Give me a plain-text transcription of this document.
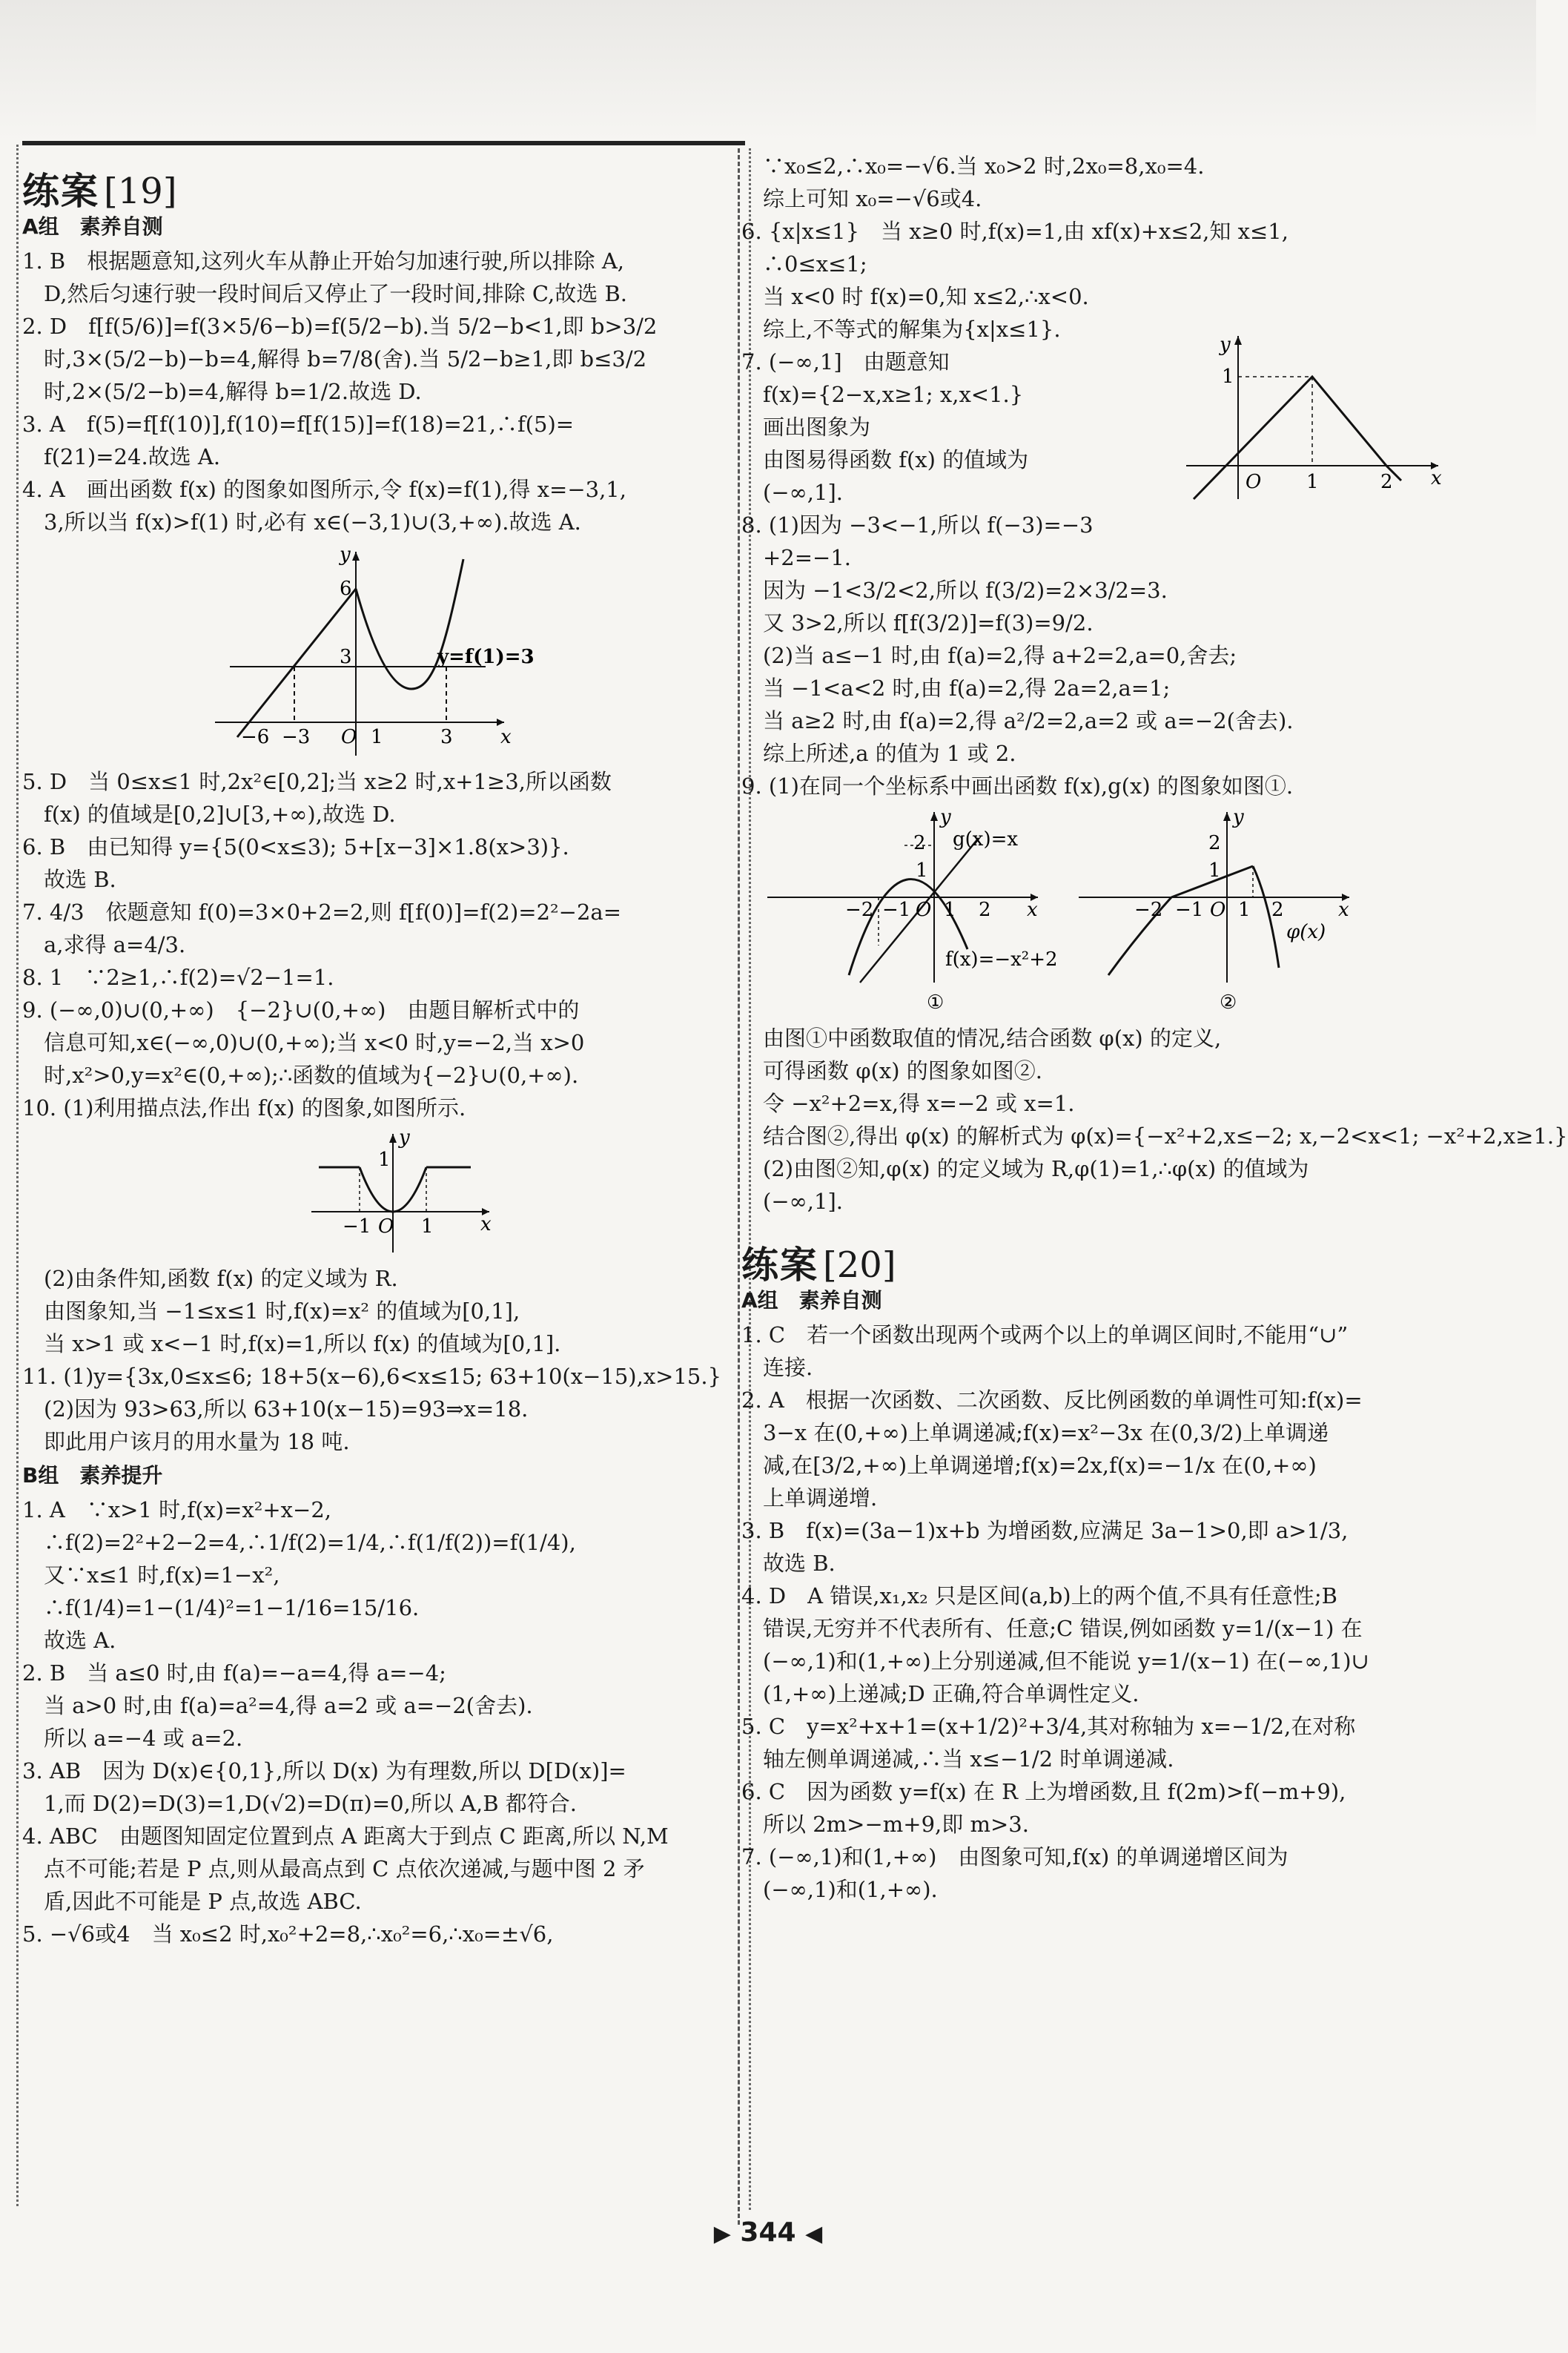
练案 [19]
A组　素养自测
1. B　根据题意知,这列火车从静止开始匀加速行驶,所以排除 A,
　D,然后匀速行驶一段时间后又停止了一段时间,排除 C,故选 B.
2. D　f[f(5/6)]=f(3×5/6−b)=f(5/2−b).当 5/2−b<1,即 b>3/2
　时,3×(5/2−b)−b=4,解得 b=7/8(舍).当 5/2−b≥1,即 b≤3/2
　时,2×(5/2−b)=4,解得 b=1/2.故选 D.
3. A　f(5)=f[f(10)],f(10)=f[f(15)]=f(18)=21,∴f(5)=
　f(21)=24.故选 A.
4. A　画出函数 f(x) 的图象如图所示,令 f(x)=f(1),得 x=−3,1,
　3,所以当 f(x)>f(1) 时,必有 x∈(−3,1)∪(3,+∞).故选 A.
−6 −3 O 1	3 x
y
6
3	y=f(1)=3
5. D　当 0≤x≤1 时,2x²∈[0,2];当 x≥2 时,x+1≥3,所以函数
　f(x) 的值域是[0,2]∪[3,+∞),故选 D.
6. B　由已知得 y={5(0<x≤3); 5+[x−3]×1.8(x>3)}.
　故选 B.
7. 4/3　依题意知 f(0)=3×0+2=2,则 f[f(0)]=f(2)=2²−2a=
　a,求得 a=4/3.
8. 1　∵2≥1,∴f(2)=√2−1=1.
9. (−∞,0)∪(0,+∞)　{−2}∪(0,+∞)　由题目解析式中的
　信息可知,x∈(−∞,0)∪(0,+∞);当 x<0 时,y=−2,当 x>0
　时,x²>0,y=x²∈(0,+∞);∴函数的值域为{−2}∪(0,+∞).
10. (1)利用描点法,作出 f(x) 的图象,如图所示.
−1 O 1 x
y
1
　(2)由条件知,函数 f(x) 的定义域为 R.
　由图象知,当 −1≤x≤1 时,f(x)=x² 的值域为[0,1],
　当 x>1 或 x<−1 时,f(x)=1,所以 f(x) 的值域为[0,1].
11. (1)y={3x,0≤x≤6; 18+5(x−6),6<x≤15; 63+10(x−15),x>15.}
　(2)因为 93>63,所以 63+10(x−15)=93⇒x=18.
　即此用户该月的用水量为 18 吨.
B组　素养提升
1. A　∵x>1 时,f(x)=x²+x−2,
　∴f(2)=2²+2−2=4,∴1/f(2)=1/4,∴f(1/f(2))=f(1/4),
　又∵x≤1 时,f(x)=1−x²,
　∴f(1/4)=1−(1/4)²=1−1/16=15/16.
　故选 A.
2. B　当 a≤0 时,由 f(a)=−a=4,得 a=−4;
　当 a>0 时,由 f(a)=a²=4,得 a=2 或 a=−2(舍去).
　所以 a=−4 或 a=2.
3. AB　因为 D(x)∈{0,1},所以 D(x) 为有理数,所以 D[D(x)]=
　1,而 D(2)=D(3)=1,D(√2)=D(π)=0,所以 A,B 都符合.
4. ABC　由题图知固定位置到点 A 距离大于到点 C 距离,所以 N,M
　点不可能;若是 P 点,则从最高点到 C 点依次递减,与题中图 2 矛
　盾,因此不可能是 P 点,故选 ABC.
5. −√6或4　当 x₀≤2 时,x₀²+2=8,∴x₀²=6,∴x₀=±√6,
　∵x₀≤2,∴x₀=−√6.当 x₀>2 时,2x₀=8,x₀=4.
　综上可知 x₀=−√6或4.
6. {x|x≤1}　当 x≥0 时,f(x)=1,由 xf(x)+x≤2,知 x≤1,
　∴0≤x≤1;
　当 x<0 时 f(x)=0,知 x≤2,∴x<0.
　综上,不等式的解集为{x|x≤1}.
7. (−∞,1]　由题意知
　f(x)={2−x,x≥1; x,x<1.}
　画出图象为
　由图易得函数 f(x) 的值域为
　(−∞,1].
8. (1)因为 −3<−1,所以 f(−3)=−3
　+2=−1.
　因为 −1<3/2<2,所以 f(3/2)=2×3/2=3.
　又 3>2,所以 f[f(3/2)]=f(3)=9/2.
　(2)当 a≤−1 时,由 f(a)=2,得 a+2=2,a=0,舍去;
　当 −1<a<2 时,由 f(a)=2,得 2a=2,a=1;
　当 a≥2 时,由 f(a)=2,得 a²/2=2,a=2 或 a=−2(舍去).
　综上所述,a 的值为 1 或 2.
9. (1)在同一个坐标系中画出函数 f(x),g(x) 的图象如图①.
O 1	2 x
y
1
−2 −1 O 1 2 x
y
2
1
g(x)=x
f(x)=−x²+2
①
−2 −1 O 1 2	x
y
2
1
φ(x)
②
　由图①中函数取值的情况,结合函数 φ(x) 的定义,
　可得函数 φ(x) 的图象如图②.
　令 −x²+2=x,得 x=−2 或 x=1.
　结合图②,得出 φ(x) 的解析式为 φ(x)={−x²+2,x≤−2; x,−2<x<1; −x²+2,x≥1.}
　(2)由图②知,φ(x) 的定义域为 R,φ(1)=1,∴φ(x) 的值域为
　(−∞,1].
练案 [20]
A组　素养自测
1. C　若一个函数出现两个或两个以上的单调区间时,不能用“∪”
　连接.
2. A　根据一次函数、二次函数、反比例函数的单调性可知:f(x)=
　3−x 在(0,+∞)上单调递减;f(x)=x²−3x 在(0,3/2)上单调递
　减,在[3/2,+∞)上单调递增;f(x)=2x,f(x)=−1/x 在(0,+∞)
　上单调递增.
3. B　f(x)=(3a−1)x+b 为增函数,应满足 3a−1>0,即 a>1/3,
　故选 B.
4. D　A 错误,x₁,x₂ 只是区间(a,b)上的两个值,不具有任意性;B
　错误,无穷并不代表所有、任意;C 错误,例如函数 y=1/(x−1) 在
　(−∞,1)和(1,+∞)上分别递减,但不能说 y=1/(x−1) 在(−∞,1)∪
　(1,+∞)上递减;D 正确,符合单调性定义.
5. C　y=x²+x+1=(x+1/2)²+3/4,其对称轴为 x=−1/2,在对称
　轴左侧单调递减,∴当 x≤−1/2 时单调递减.
6. C　因为函数 y=f(x) 在 R 上为增函数,且 f(2m)>f(−m+9),
　所以 2m>−m+9,即 m>3.
7. (−∞,1)和(1,+∞)　由图象可知,f(x) 的单调递增区间为
　(−∞,1)和(1,+∞).
▶ 344 ◀
